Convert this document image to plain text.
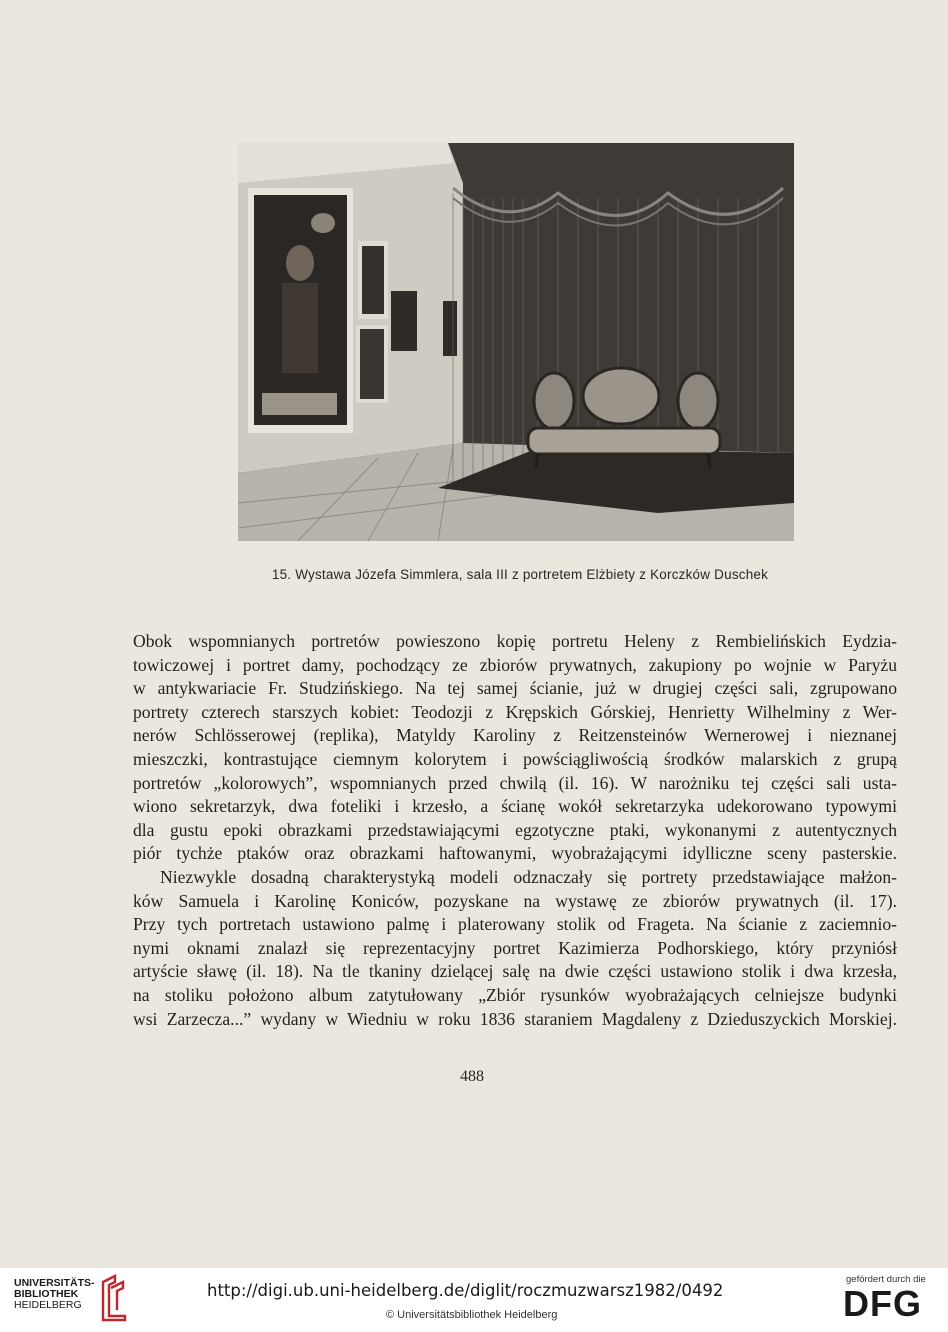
15. Wystawa Józefa Simmlera, sala III z portretem Elżbiety z Korczków Duschek

Obok wspomnianych portretów powieszono kopię portretu Heleny z Rembielińskich Eydzia-
towiczowej i portret damy, pochodzący ze zbiorów prywatnych, zakupiony po wojnie w Paryżu
w antykwariacie Fr. Studzińskiego. Na tej samej ścianie, już w drugiej części sali, zgrupowano
portrety czterech starszych kobiet: Teodozji z Krępskich Górskiej, Henrietty Wilhelminy z Wer-
nerów Schlösserowej (replika), Matyldy Karoliny z Reitzensteinów Wernerowej i nieznanej
mieszczki, kontrastujące ciemnym kolorytem i powściągliwością środków malarskich z grupą
portretów „kolorowych”, wspomnianych przed chwilą (il. 16). W narożniku tej części sali usta-
wiono sekretarzyk, dwa foteliki i krzesło, a ścianę wokół sekretarzyka udekorowano typowymi
dla gustu epoki obrazkami przedstawiającymi egzotyczne ptaki, wykonanymi z autentycznych
piór tychże ptaków oraz obrazkami haftowanymi, wyobrażającymi idylliczne sceny pasterskie.

Niezwykle dosadną charakterystyką modeli odznaczały się portrety przedstawiające małżon-
ków Samuela i Karolinę Koniców, pozyskane na wystawę ze zbiorów prywatnych (il. 17).
Przy tych portretach ustawiono palmę i platerowany stolik od Frageta. Na ścianie z zaciemnio-
nymi oknami znalazł się reprezentacyjny portret Kazimierza Podhorskiego, który przyniósł
artyście sławę (il. 18). Na tle tkaniny dzielącej salę na dwie części ustawiono stolik i dwa krzesła,
na stoliku położono album zatytułowany „Zbiór rysunków wyobrażających celniejsze budynki
wsi Zarzecza...” wydany w Wiedniu w roku 1836 staraniem Magdaleny z Dzieduszyckich Morskiej.

488
UNIVERSITÄTS-
BIBLIOTHEK
HEIDELBERG
http://digi.ub.uni-heidelberg.de/diglit/roczmuzwarsz1982/0492
© Universitätsbibliothek Heidelberg
gefördert durch die
DFG
